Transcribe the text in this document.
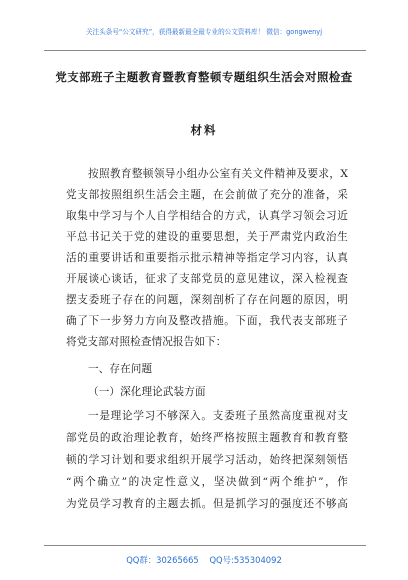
关注头条号“公文研究”，获得最新最全最专业的公文资料库！ 微信：gongwenyj
党支部班子主题教育暨教育整顿专题组织生活会对照检查
材料
按照教育整顿领导小组办公室有关文件精神及要求，X
党支部按照组织生活会主题，在会前做了充分的准备，采
取集中学习与个人自学相结合的方式，认真学习领会习近
平总书记关于党的建设的重要思想，关于严肃党内政治生
活的重要讲话和重要指示批示精神等指定学习内容，认真
开展谈心谈话，征求了支部党员的意见建议，深入检视查
摆支委班子存在的问题，深刻剖析了存在问题的原因，明
确了下一步努力方向及整改措施。下面，我代表支部班子
将党支部对照检查情况报告如下：
一、存在问题
（一）深化理论武装方面
一是理论学习不够深入。支委班子虽然高度重视对支
部党员的政治理论教育，始终严格按照主题教育和教育整
顿的学习计划和要求组织开展学习活动，始终把深刻领悟
“两个确立”的决定性意义，坚决做到“两个维护”，作
为党员学习教育的主题去抓。但是抓学习的强度还不够高
QQ群：30265665 QQ号:535304092
